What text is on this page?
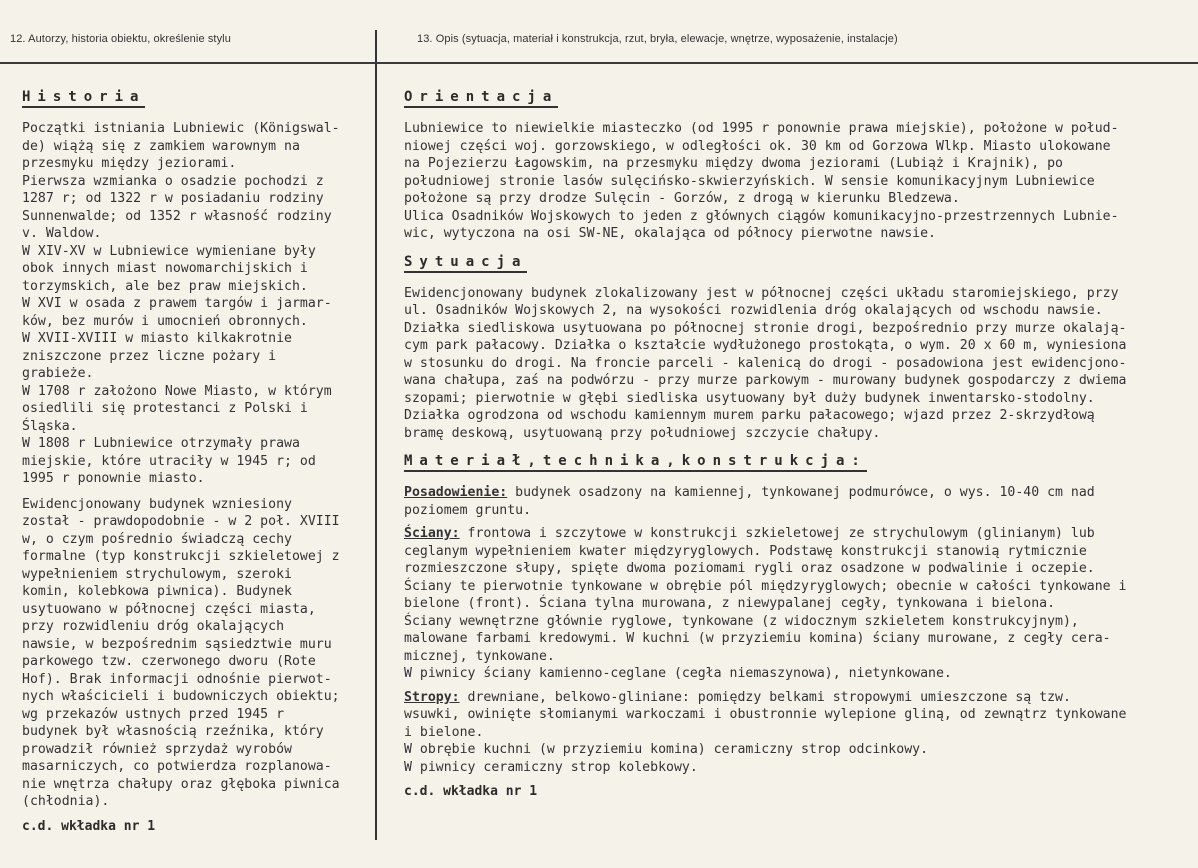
12. Autorzy, historia obiektu, określenie stylu	13. Opis (sytuacja, materiał i konstrukcja, rzut, bryła, elewacje, wnętrze, wyposażenie, instalacje)
Historia
Początki istniania Lubniewic (Königswal-
de) wiążą się z zamkiem warownym na
przesmyku między jeziorami.
Pierwsza wzmianka o osadzie pochodzi z
1287 r; od 1322 r w posiadaniu rodziny
Sunnenwalde; od 1352 r własność rodziny
v. Waldow.
W XIV-XV w Lubniewice wymieniane były
obok innych miast nowomarchijskich i
torzymskich, ale bez praw miejskich.
W XVI w osada z prawem targów i jarmar-
ków, bez murów i umocnień obronnych.
W XVII-XVIII w miasto kilkakrotnie
zniszczone przez liczne pożary i
grabieże.
W 1708 r założono Nowe Miasto, w którym
osiedlili się protestanci z Polski i
Śląska.
W 1808 r Lubniewice otrzymały prawa
miejskie, które utraciły w 1945 r; od
1995 r ponownie miasto.
Ewidencjonowany budynek wzniesiony
został - prawdopodobnie - w 2 poł. XVIII
w, o czym pośrednio świadczą cechy
formalne (typ konstrukcji szkieletowej z
wypełnieniem strychulowym, szeroki
komin, kolebkowa piwnica). Budynek
usytuowano w północnej części miasta,
przy rozwidleniu dróg okalających
nawsie, w bezpośrednim sąsiedztwie muru
parkowego tzw. czerwonego dworu (Rote
Hof). Brak informacji odnośnie pierwot-
nych właścicieli i budowniczych obiektu;
wg przekazów ustnych przed 1945 r
budynek był własnością rzeźnika, który
prowadził również sprzydaż wyrobów
masarniczych, co potwierdza rozplanowa-
nie wnętrza chałupy oraz głęboka piwnica
(chłodnia).
c.d. wkładka nr 1
Orientacja
Lubniewice to niewielkie miasteczko (od 1995 r ponownie prawa miejskie), położone w połud-
niowej części woj. gorzowskiego, w odległości ok. 30 km od Gorzowa Wlkp. Miasto ulokowane
na Pojezierzu Łagowskim, na przesmyku między dwoma jeziorami (Lubiąż i Krajnik), po
południowej stronie lasów sulęcińsko-skwierzyńskich. W sensie komunikacyjnym Lubniewice
położone są przy drodze Sulęcin - Gorzów, z drogą w kierunku Bledzewa.
Ulica Osadników Wojskowych to jeden z głównych ciągów komunikacyjno-przestrzennych Lubnie-
wic, wytyczona na osi SW-NE, okalająca od północy pierwotne nawsie.
Sytuacja
Ewidencjonowany budynek zlokalizowany jest w północnej części układu staromiejskiego, przy
ul. Osadników Wojskowych 2, na wysokości rozwidlenia dróg okalających od wschodu nawsie.
Działka siedliskowa usytuowana po północnej stronie drogi, bezpośrednio przy murze okalają-
cym park pałacowy. Działka o kształcie wydłużonego prostokąta, o wym. 20 x 60 m, wyniesiona
w stosunku do drogi. Na froncie parceli - kalenicą do drogi - posadowiona jest ewidencjono-
wana chałupa, zaś na podwórzu - przy murze parkowym - murowany budynek gospodarczy z dwiema
szopami; pierwotnie w głębi siedliska usytuowany był duży budynek inwentarsko-stodolny.
Działka ogrodzona od wschodu kamiennym murem parku pałacowego; wjazd przez 2-skrzydłową
bramę deskową, usytuowaną przy południowej szczycie chałupy.
Materiał,technika,konstrukcja:
Posadowienie: budynek osadzony na kamiennej, tynkowanej podmurówce, o wys. 10-40 cm nad
poziomem gruntu.
Ściany: frontowa i szczytowe w konstrukcji szkieletowej ze strychulowym (glinianym) lub
ceglanym wypełnieniem kwater międzyryglowych. Podstawę konstrukcji stanowią rytmicznie
rozmieszczone słupy, spięte dwoma poziomami rygli oraz osadzone w podwalinie i oczepie.
Ściany te pierwotnie tynkowane w obrębie pól międzyryglowych; obecnie w całości tynkowane i
bielone (front). Ściana tylna murowana, z niewypalanej cegły, tynkowana i bielona.
Ściany wewnętrzne głównie ryglowe, tynkowane (z widocznym szkieletem konstrukcyjnym),
malowane farbami kredowymi. W kuchni (w przyziemiu komina) ściany murowane, z cegły cera-
micznej, tynkowane.
W piwnicy ściany kamienno-ceglane (cegła niemaszynowa), nietynkowane.
Stropy: drewniane, belkowo-gliniane: pomiędzy belkami stropowymi umieszczone są tzw.
wsuwki, owinięte słomianymi warkoczami i obustronnie wylepione gliną, od zewnątrz tynkowane
i bielone.
W obrębie kuchni (w przyziemiu komina) ceramiczny strop odcinkowy.
W piwnicy ceramiczny strop kolebkowy.
c.d. wkładka nr 1
